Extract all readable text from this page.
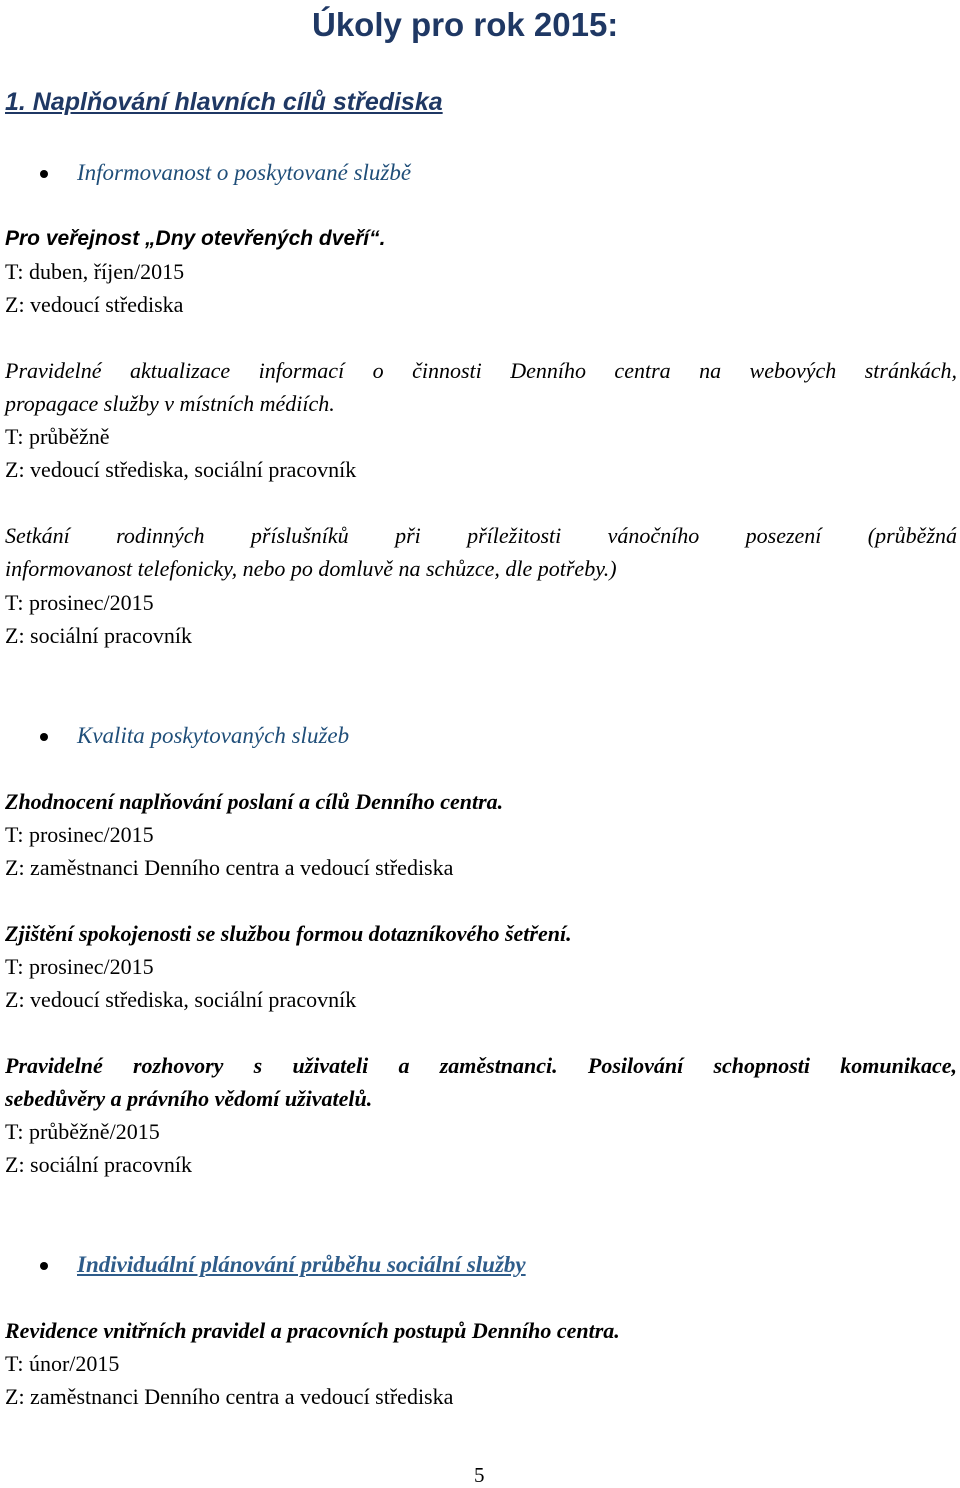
Úkoly pro rok 2015:
1. Naplňování hlavních cílů střediska
Informovanost o poskytované službě
Pro veřejnost „Dny otevřených dveří“.
T: duben, říjen/2015
Z: vedoucí střediska
Pravidelné aktualizace informací o činnosti Denního centra na webových stránkách,
propagace služby v místních médiích.
T: průběžně
Z: vedoucí střediska, sociální pracovník
Setkání rodinných příslušníků při příležitosti vánočního posezení (průběžná
informovanost telefonicky, nebo po domluvě na schůzce, dle potřeby.)
T: prosinec/2015
Z: sociální pracovník
Kvalita poskytovaných služeb
Zhodnocení naplňování poslaní a cílů Denního centra.
T: prosinec/2015
Z: zaměstnanci Denního centra a vedoucí střediska
Zjištění spokojenosti se službou formou dotazníkového šetření.
T: prosinec/2015
Z: vedoucí střediska, sociální pracovník
Pravidelné rozhovory s uživateli a zaměstnanci. Posilování schopnosti komunikace,
sebedůvěry a právního vědomí uživatelů.
T: průběžně/2015
Z: sociální pracovník
Individuální plánování průběhu sociální služby
Revidence vnitřních pravidel a pracovních postupů Denního centra.
T: únor/2015
Z: zaměstnanci Denního centra a vedoucí střediska
5
